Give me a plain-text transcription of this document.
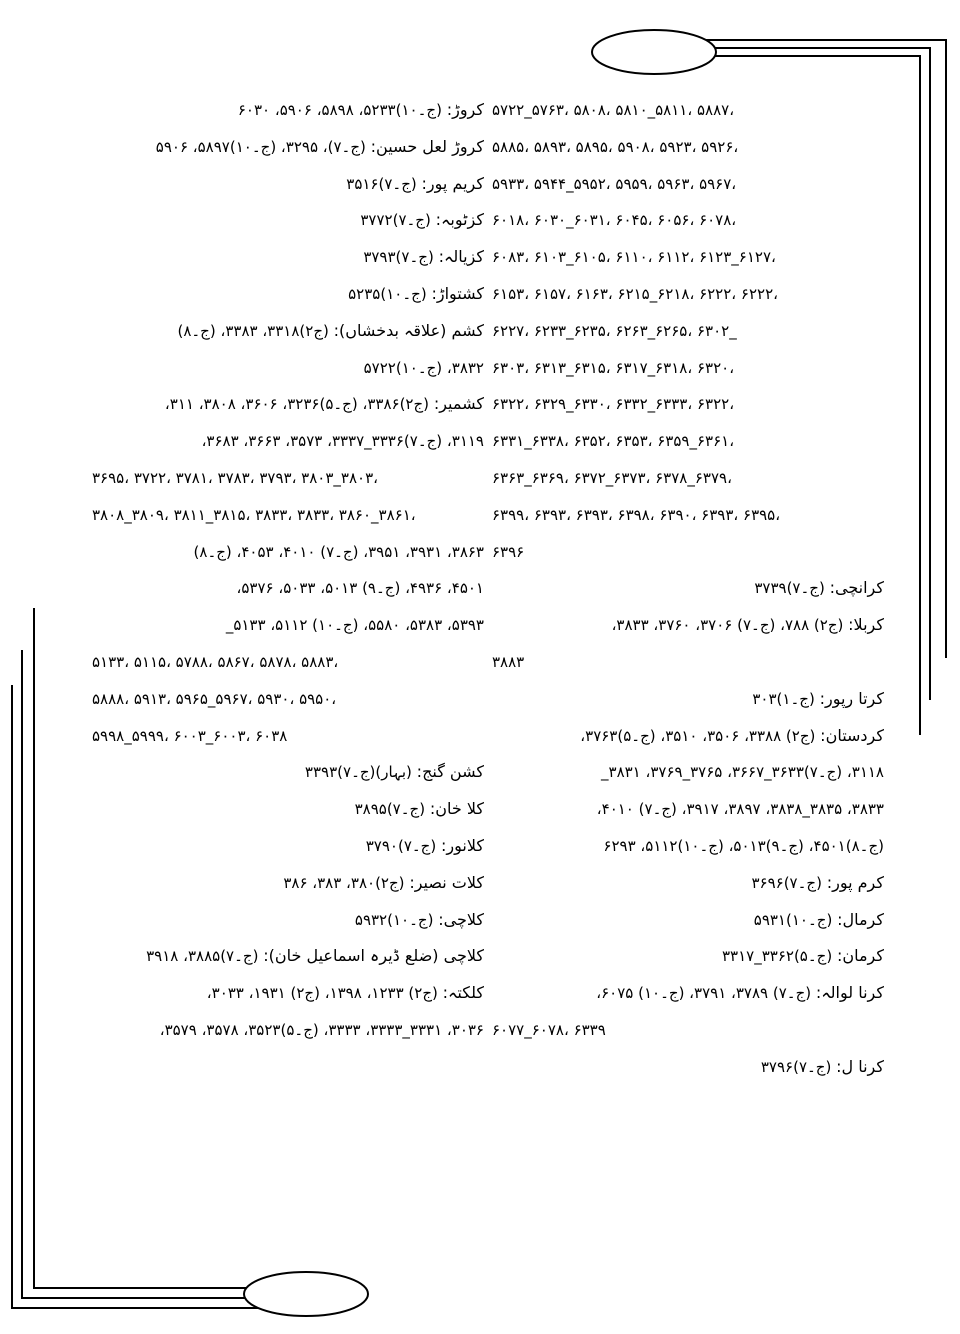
۵۷۲۲_۵۷۶۳، ۵۸۰۸، ۵۸۱۰_۵۸۱۱، ۵۸۸۷،
۵۸۸۵، ۵۸۹۳، ۵۸۹۵، ۵۹۰۸، ۵۹۲۳، ۵۹۲۶،
۵۹۳۳، ۵۹۴۴_۵۹۵۲، ۵۹۵۹، ۵۹۶۳، ۵۹۶۷،
۶۰۱۸، ۶۰۳۰_۶۰۳۱، ۶۰۴۵، ۶۰۵۶، ۶۰۷۸،
۶۰۸۳، ۶۱۰۳_۶۱۰۵، ۶۱۱۰، ۶۱۱۲، ۶۱۲۳_۶۱۲۷،
۶۱۵۳، ۶۱۵۷، ۶۱۶۳، ۶۲۱۵_۶۲۱۸، ۶۲۲۲، ۶۲۲۲،
۶۲۲۷، ۶۲۳۳_۶۲۳۵، ۶۲۶۳_۶۲۶۵، ۶۳۰۲_
۶۳۰۳، ۶۳۱۳_۶۳۱۵، ۶۳۱۷_۶۳۱۸، ۶۳۲۰،
۶۳۲۲، ۶۳۲۹_۶۳۳۰، ۶۳۳۲_۶۳۳۳، ۶۳۲۲،
۶۳۳۱_۶۳۳۸، ۶۳۵۲، ۶۳۵۳، ۶۳۵۹_۶۳۶۱،
۶۳۶۳_۶۳۶۹، ۶۳۷۲_۶۳۷۳، ۶۳۷۸_۶۳۷۹،
۶۳۹۹، ۶۳۹۳، ۶۳۹۳، ۶۳۹۸، ۶۳۹۰، ۶۳۹۳، ۶۳۹۵،
۶۳۹۶
کرانچی: (ج۔۷)۳۷۳۹
کربلا: (ج۲) ۷۸۸، (ج۔۷) ۳۷۰۶، ۳۷۶۰، ۳۸۳۳،
۳۸۸۳
کرتا رپور: (ج۔۱)۳۰۳
کردستان: (ج۲) ۳۳۸۸، ۳۵۰۶، ۳۵۱۰، (ج۔۵)۳۷۶۳،
۳۱۱۸، (ج۔۷)۳۶۳۳_۳۶۶۷، ۳۷۶۵_۳۷۶۹، ۳۸۳۱_
۳۸۳۳، ۳۸۳۵_۳۸۳۸، ۳۸۹۷، ۳۹۱۷، (ج۔۷) ۴۰۱۰،
(ج۔۸)۴۵۰۱، (ج۔۹)۵۰۱۳، (ج۔۱۰)۵۱۱۲، ۶۲۹۳
کرم پور: (ج۔۷)۳۶۹۶
کرمال: (ج۔۱۰)۵۹۳۱
کرمان: (ج۔۵)۳۳۶۲_۳۳۱۷
کرنا لوالہ: (ج۔۷) ۳۷۸۹، ۳۷۹۱، (ج۔۱۰) ۶۰۷۵،
۶۰۷۷_۶۰۷۸، ۶۳۳۹
کرنا ل: (ج۔۷)۳۷۹۶
کروڑ: (ج۔۱۰)۵۲۳۳، ۵۸۹۸، ۵۹۰۶، ۶۰۳۰
کروڑ لعل حسین: (ج۔۷)، ۳۲۹۵، (ج۔۱۰)۵۸۹۷، ۵۹۰۶
کریم پور: (ج۔۷)۳۵۱۶
کزٹوبہ: (ج۔۷)۳۷۷۲
کزیالہ: (ج۔۷)۳۷۹۳
کشتواڑ: (ج۔۱۰)۵۲۳۵
کشم (علاقہ بدخشاں): (ج۲)۳۳۱۸، ۳۳۸۳، (ج۔۸)
۳۸۳۲، (ج۔۱۰)۵۷۲۲
کشمیر: (ج۲)۳۳۸۶، (ج۔۵)۳۲۳۶، ۳۶۰۶، ۳۸۰۸، ۳۱۱،
۳۱۱۹، (ج۔۷)۳۳۳۶_۳۳۳۷، ۳۵۷۳، ۳۶۶۳، ۳۶۸۳،
۳۶۹۵، ۳۷۲۲، ۳۷۸۱، ۳۷۸۳، ۳۷۹۳، ۳۸۰۳_۳۸۰۳،
۳۸۰۸_۳۸۰۹، ۳۸۱۱_۳۸۱۵، ۳۸۳۳، ۳۸۳۳، ۳۸۶۰_۳۸۶۱،
۳۸۶۳، ۳۹۳۱، ۳۹۵۱، (ج۔۷) ۴۰۱۰، ۴۰۵۳، (ج۔۸)
۴۵۰۱، ۴۹۳۶، (ج۔۹) ۵۰۱۳، ۵۰۳۳، ۵۳۷۶،
۵۳۹۳، ۵۳۸۳، ۵۵۸۰، (ج۔۱۰) ۵۱۱۲، ۵۱۳۳_
۵۱۳۳، ۵۱۱۵، ۵۷۸۸، ۵۸۶۷، ۵۸۷۸، ۵۸۸۳،
۵۸۸۸، ۵۹۱۳، ۵۹۶۵_۵۹۶۷، ۵۹۳۰، ۵۹۵۰،
۵۹۹۸_۵۹۹۹، ۶۰۰۳_۶۰۰۳، ۶۰۳۸
کشن گنج: (بہار)(ج۔۷)۳۳۹۳
کلا خان: (ج۔۷)۳۸۹۵
کلانور: (ج۔۷)۳۷۹۰
کلات نصیر: (ج۲)۳۸۰، ۳۸۳، ۳۸۶
کلاچی: (ج۔۱۰)۵۹۳۲
کلاچی (ضلع ڈیرہ اسماعیل خان): (ج۔۷)۳۸۸۵، ۳۹۱۸
کلکتہ: (ج۲) ۱۲۳۳، ۱۳۹۸، (ج۲) ۱۹۳۱، ۳۰۳۳،
۳۰۳۶، ۳۳۳۱_۳۳۳۳، ۳۳۳۳، (ج۔۵)۳۵۲۳، ۳۵۷۸، ۳۵۷۹،
